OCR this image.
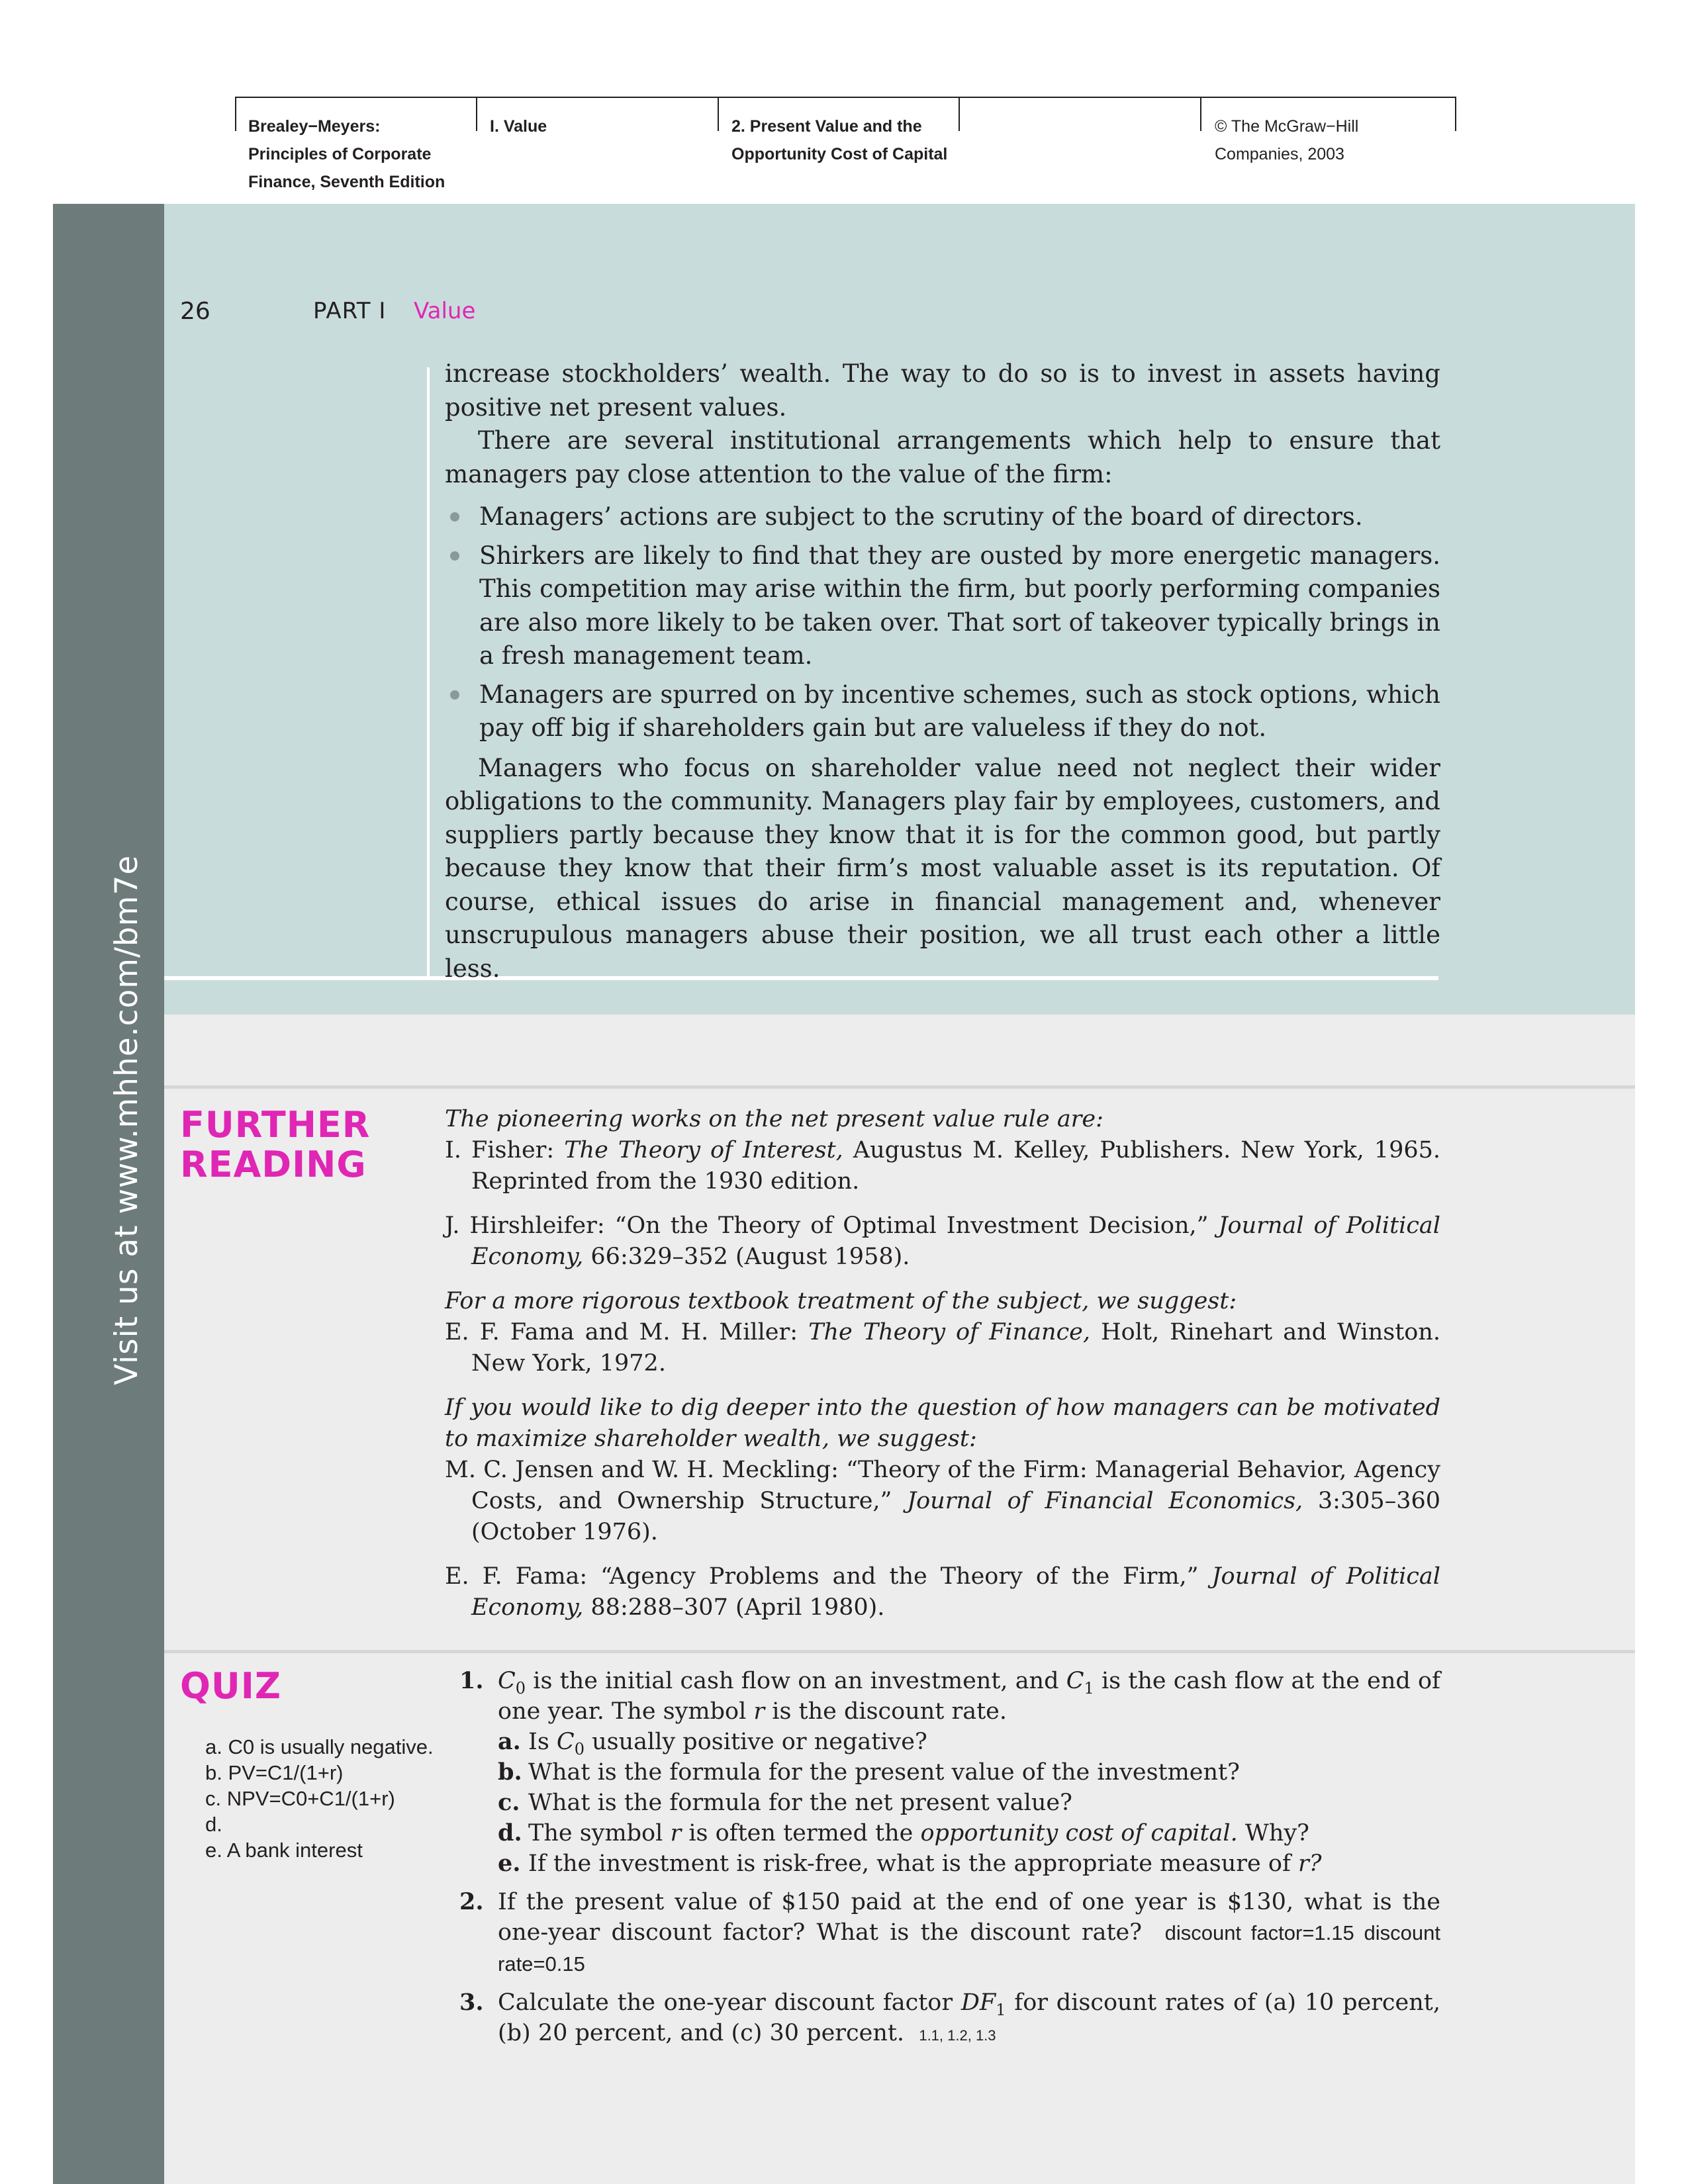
Brealey−Meyers:
Principles of Corporate
Finance, Seventh Edition
I. Value	2. Present Value and the
Opportunity Cost of Capital
© The McGraw−Hill
Companies, 2003
Visit us at www.mhhe.com/bm7e
26	PART I Value

increase stockholders’ wealth. The way to do so is to invest in assets having positive net present values.

There are several institutional arrangements which help to ensure that managers pay close attention to the value of the firm:

Managers’ actions are subject to the scrutiny of the board of directors.
Shirkers are likely to find that they are ousted by more energetic managers. This competition may arise within the firm, but poorly performing companies are also more likely to be taken over. That sort of takeover typically brings in a fresh management team.
Managers are spurred on by incentive schemes, such as stock options, which pay off big if shareholders gain but are valueless if they do not.

Managers who focus on shareholder value need not neglect their wider obligations to the community. Managers play fair by employees, customers, and suppliers partly because they know that it is for the common good, but partly because they know that their firm’s most valuable asset is its reputation. Of course, ethical issues do arise in financial management and, whenever unscrupulous managers abuse their position, we all trust each other a little less.

FURTHER
READING

The pioneering works on the net present value rule are:

I. Fisher: The Theory of Interest, Augustus M. Kelley, Publishers. New York, 1965. Reprinted from the 1930 edition.

J. Hirshleifer: “On the Theory of Optimal Investment Decision,” Journal of Political Economy, 66:329–352 (August 1958).

For a more rigorous textbook treatment of the subject, we suggest:

E. F. Fama and M. H. Miller: The Theory of Finance, Holt, Rinehart and Winston. New York, 1972.

If you would like to dig deeper into the question of how managers can be motivated to maximize shareholder wealth, we suggest:

M. C. Jensen and W. H. Meckling: “Theory of the Firm: Managerial Behavior, Agency Costs, and Ownership Structure,” Journal of Financial Economics, 3:305–360 (October 1976).

E. F. Fama: “Agency Problems and the Theory of the Firm,” Journal of Political Economy, 88:288–307 (April 1980).

QUIZ
a. C0 is usually negative.
b. PV=C1/(1+r)
c. NPV=C0+C1/(1+r)
d.
e. A bank interest
1. $C_0$ is the initial cash flow on an investment, and $C_1$ is the cash flow at the end of one year. The symbol r is the discount rate.
a. Is $C_0$ usually positive or negative?
b. What is the formula for the present value of the investment?
c. What is the formula for the net present value?
d. The symbol r is often termed the opportunity cost of capital. Why?
e. If the investment is risk-free, what is the appropriate measure of r?
2. If the present value of $150 paid at the end of one year is $130, what is the one-year discount factor? What is the discount rate? discount factor=1.15 discount rate=0.15
3. Calculate the one-year discount factor $DF_1$ for discount rates of (a) 10 percent, (b) 20 percent, and (c) 30 percent. 1.1, 1.2, 1.3
